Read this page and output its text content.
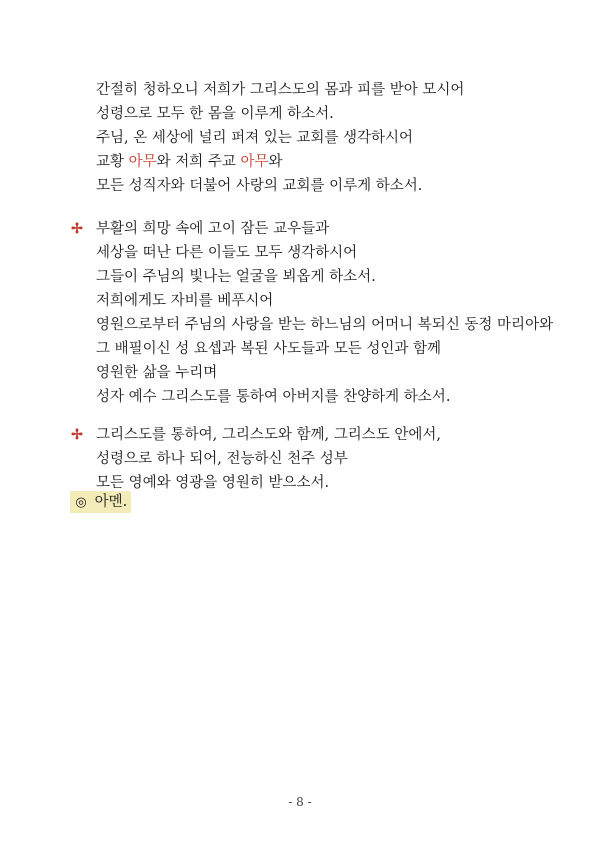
간절히 청하오니 저희가 그리스도의 몸과 피를 받아 모시어
성령으로 모두 한 몸을 이루게 하소서.
주님, 온 세상에 널리 퍼져 있는 교회를 생각하시어
교황 아무와 저희 주교 아무와
모든 성직자와 더불어 사랑의 교회를 이루게 하소서.
✢ 부활의 희망 속에 고이 잠든 교우들과
세상을 떠난 다른 이들도 모두 생각하시어
그들이 주님의 빛나는 얼굴을 뵈옵게 하소서.
저희에게도 자비를 베푸시어
영원으로부터 주님의 사랑을 받는 하느님의 어머니 복되신 동정 마리아와
그 배필이신 성 요셉과 복된 사도들과 모든 성인과 함께
영원한 삶을 누리며
성자 예수 그리스도를 통하여 아버지를 찬양하게 하소서.
✢ 그리스도를 통하여, 그리스도와 함께, 그리스도 안에서,
성령으로 하나 되어, 전능하신 천주 성부
모든 영예와 영광을 영원히 받으소서.
◎ 아멘.
- 8 -
